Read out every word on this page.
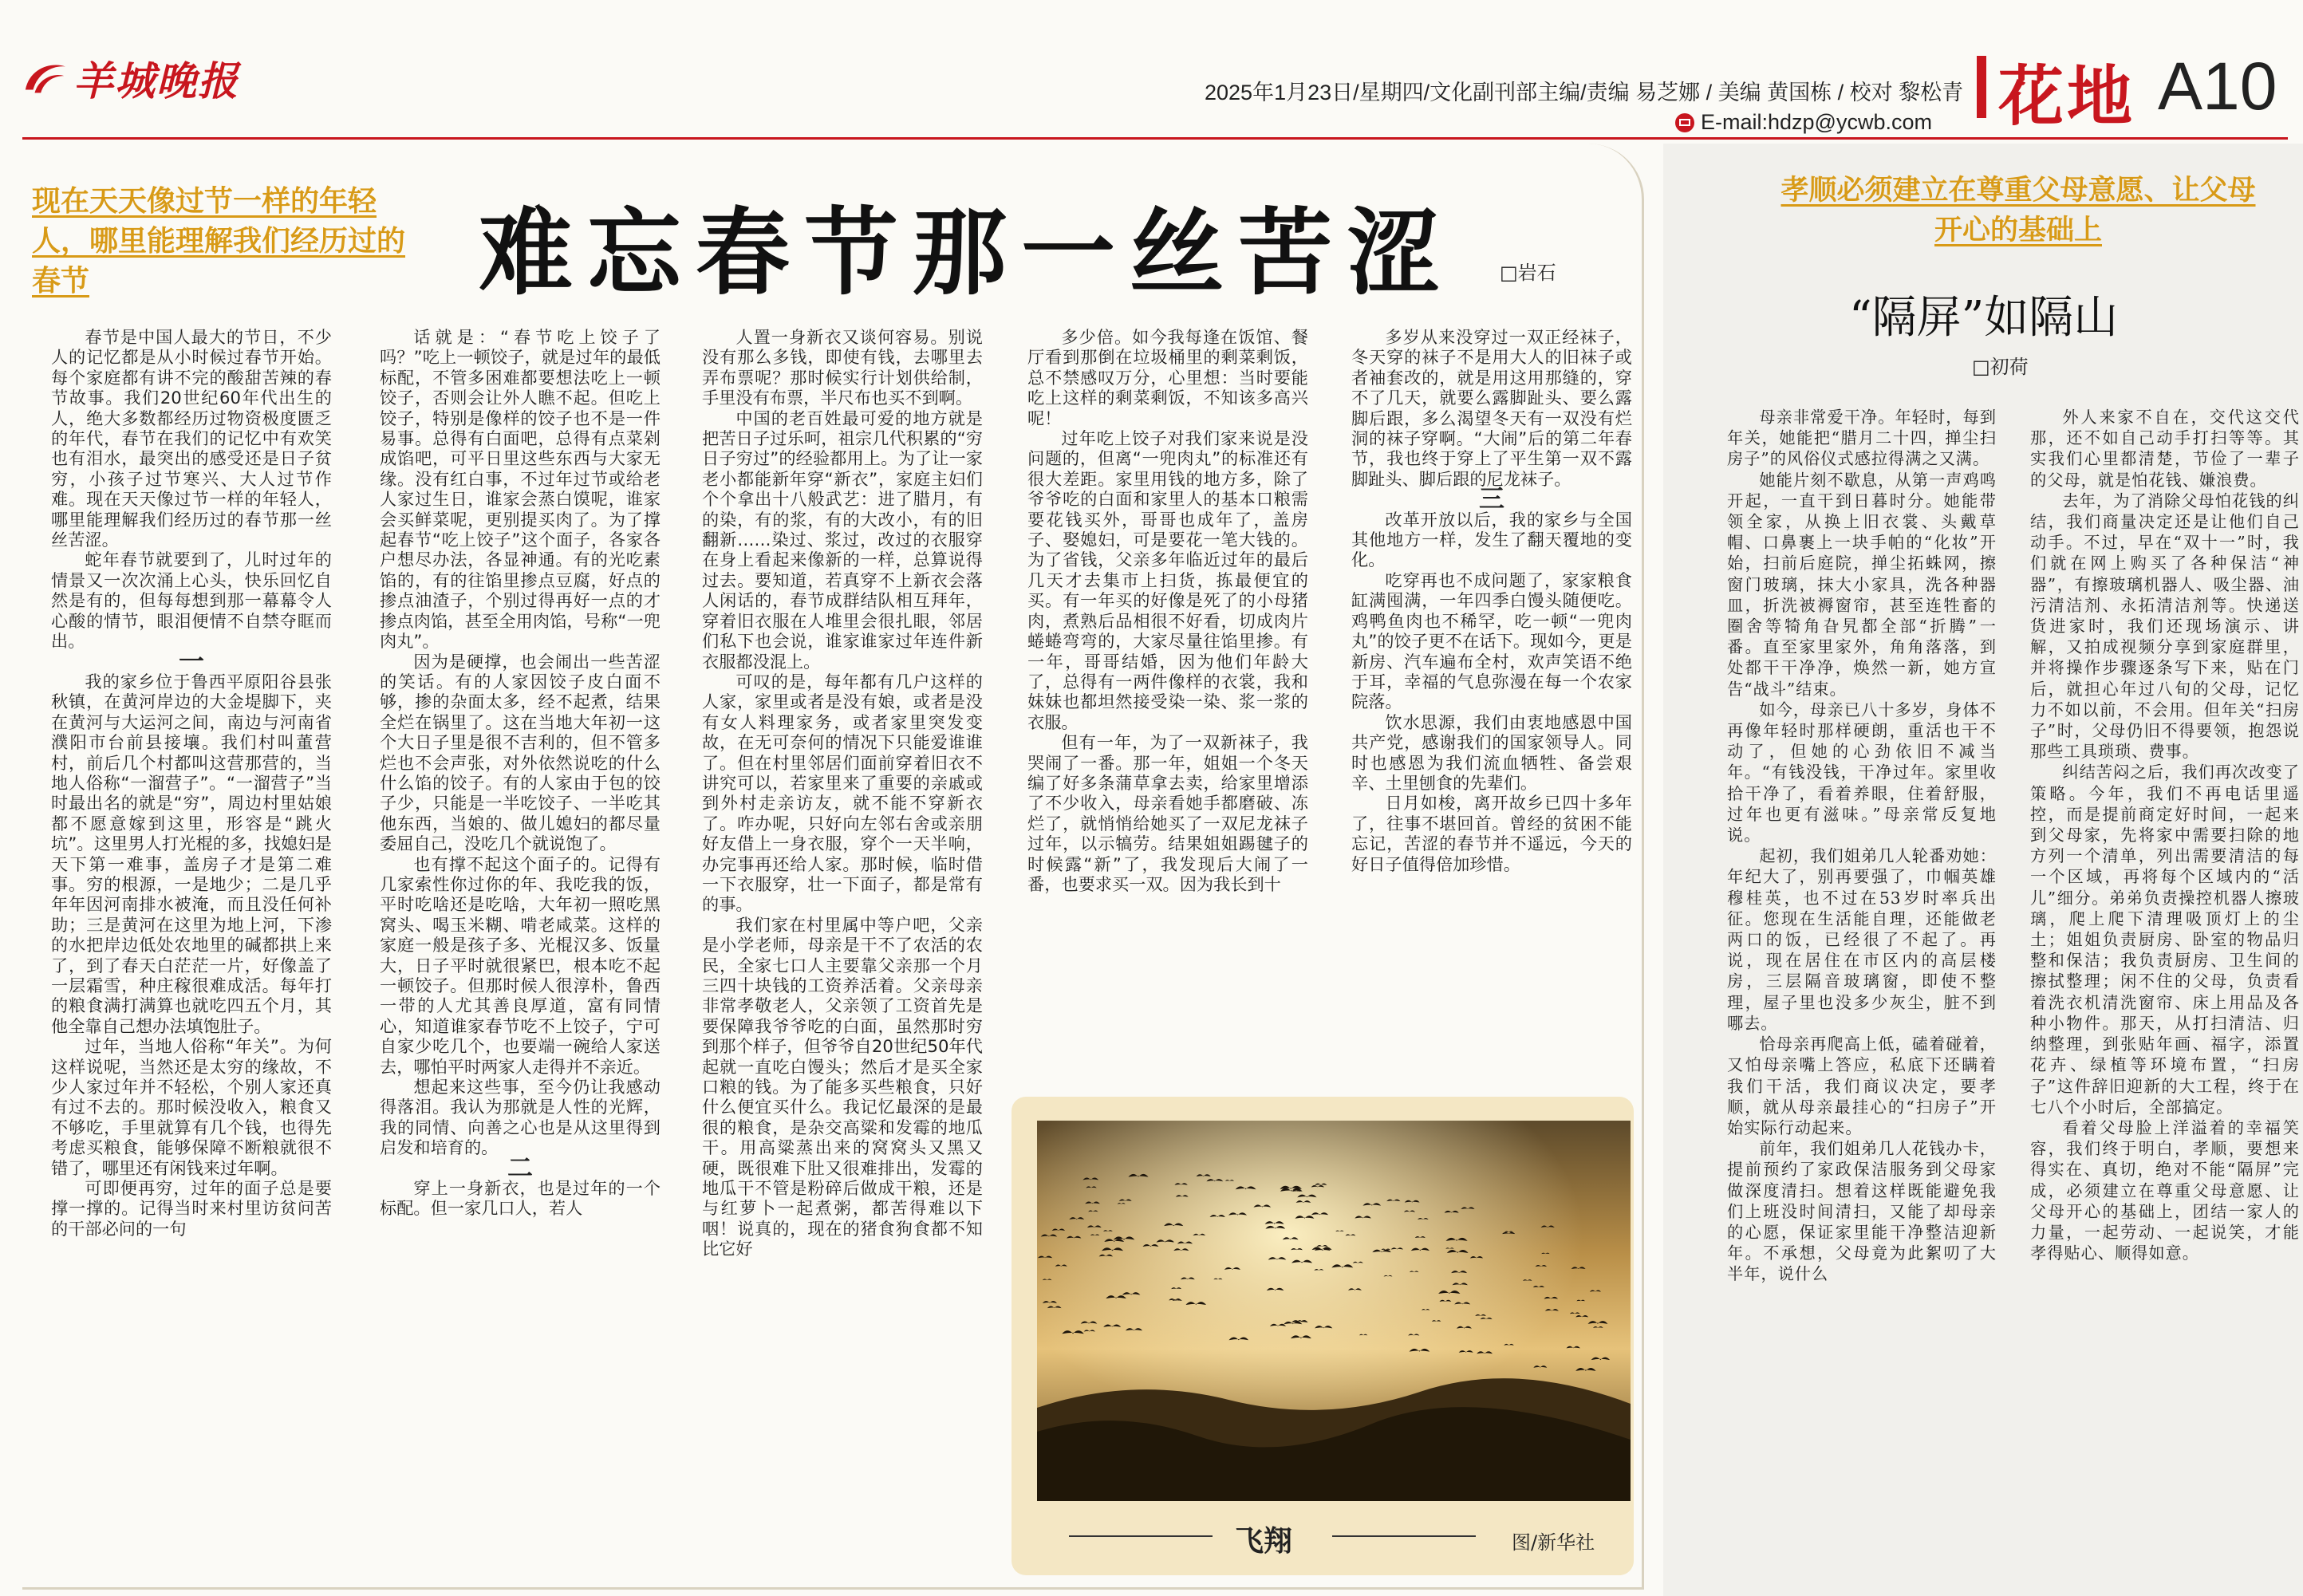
羊城晚报	2025年1月23日/星期四/文化副刊部主编/责编 易芝娜 / 美编 黄国栋 / 校对 黎松青
E-mail:hdzp@ycwb.com 花地 A10
现在天天像过节一样的年轻人，哪里能理解我们经历过的春节	难忘春节那一丝苦涩 □岩石

春节是中国人最大的节日，不少人的记忆都是从小时候过春节开始。每个家庭都有讲不完的酸甜苦辣的春节故事。我们20世纪60年代出生的人，绝大多数都经历过物资极度匮乏的年代，春节在我们的记忆中有欢笑也有泪水，最突出的感受还是日子贫穷，小孩子过节寒兴、大人过节作难。现在天天像过节一样的年轻人，哪里能理解我们经历过的春节那一丝丝苦涩。

蛇年春节就要到了，儿时过年的情景又一次次涌上心头，快乐回忆自然是有的，但每每想到那一幕幕令人心酸的情节，眼泪便情不自禁夺眶而出。

一

我的家乡位于鲁西平原阳谷县张秋镇，在黄河岸边的大金堤脚下，夹在黄河与大运河之间，南边与河南省濮阳市台前县接壤。我们村叫董营村，前后几个村都叫这营那营的，当地人俗称“一溜营子”。“一溜营子”当时最出名的就是“穷”，周边村里姑娘都不愿意嫁到这里，形容是“跳火坑”。这里男人打光棍的多，找媳妇是天下第一难事，盖房子才是第二难事。穷的根源，一是地少；二是几乎年年因河南排水被淹，而且没任何补助；三是黄河在这里为地上河，下渗的水把岸边低处农地里的碱都拱上来了，到了春天白茫茫一片，好像盖了一层霜雪，种庄稼很难成活。每年打的粮食满打满算也就吃四五个月，其他全靠自己想办法填饱肚子。

过年，当地人俗称“年关”。为何这样说呢，当然还是太穷的缘故，不少人家过年并不轻松，个别人家还真有过不去的。那时候没收入，粮食又不够吃，手里就算有几个钱，也得先考虑买粮食，能够保障不断粮就很不错了，哪里还有闲钱来过年啊。

可即便再穷，过年的面子总是要撑一撑的。记得当时来村里访贫问苦的干部必问的一句

话就是：“春节吃上饺子了吗？”吃上一顿饺子，就是过年的最低标配，不管多困难都要想法吃上一顿饺子，否则会让外人瞧不起。但吃上饺子，特别是像样的饺子也不是一件易事。总得有白面吧，总得有点菜剁成馅吧，可平日里这些东西与大家无缘。没有红白事，不过年过节或给老人家过生日，谁家会蒸白馍呢，谁家会买鲜菜呢，更别提买肉了。为了撑起春节“吃上饺子”这个面子，各家各户想尽办法，各显神通。有的光吃素馅的，有的往馅里掺点豆腐，好点的掺点油渣子，个别过得再好一点的才掺点肉馅，甚至全用肉馅，号称“一兜肉丸”。

因为是硬撑，也会闹出一些苦涩的笑话。有的人家因饺子皮白面不够，掺的杂面太多，经不起煮，结果全烂在锅里了。这在当地大年初一这个大日子里是很不吉利的，但不管多烂也不会声张，对外依然说吃的什么什么馅的饺子。有的人家由于包的饺子少，只能是一半吃饺子、一半吃其他东西，当娘的、做儿媳妇的都尽量委屈自己，没吃几个就说饱了。

也有撑不起这个面子的。记得有几家索性你过你的年、我吃我的饭，平时吃啥还是吃啥，大年初一照吃黑窝头、喝玉米糊、啃老咸菜。这样的家庭一般是孩子多、光棍汉多、饭量大，日子平时就很紧巴，根本吃不起一顿饺子。但那时候人很淳朴，鲁西一带的人尤其善良厚道，富有同情心，知道谁家春节吃不上饺子，宁可自家少吃几个，也要端一碗给人家送去，哪怕平时两家人走得并不亲近。

想起来这些事，至今仍让我感动得落泪。我认为那就是人性的光辉，我的同情、向善之心也是从这里得到启发和培育的。

二

穿上一身新衣，也是过年的一个标配。但一家几口人，若人

人置一身新衣又谈何容易。别说没有那么多钱，即使有钱，去哪里去弄布票呢？那时候实行计划供给制，手里没有布票，半尺布也买不到啊。

中国的老百姓最可爱的地方就是把苦日子过乐呵，祖宗几代积累的“穷日子穷过”的经验都用上。为了让一家老小都能新年穿“新衣”，家庭主妇们个个拿出十八般武艺：进了腊月，有的染，有的浆，有的大改小，有的旧翻新……染过、浆过，改过的衣服穿在身上看起来像新的一样，总算说得过去。要知道，若真穿不上新衣会落人闲话的，春节成群结队相互拜年，穿着旧衣服在人堆里会很扎眼，邻居们私下也会说，谁家谁家过年连件新衣服都没混上。

可叹的是，每年都有几户这样的人家，家里或者是没有娘，或者是没有女人料理家务，或者家里突发变故，在无可奈何的情况下只能爱谁谁了。但在村里邻居们面前穿着旧衣不讲究可以，若家里来了重要的亲戚或到外村走亲访友，就不能不穿新衣了。咋办呢，只好向左邻右舍或亲朋好友借上一身衣服，穿个一天半响，办完事再还给人家。那时候，临时借一下衣服穿，壮一下面子，都是常有的事。

我们家在村里属中等户吧，父亲是小学老师，母亲是干不了农活的农民，全家七口人主要靠父亲那一个月三四十块钱的工资养活着。父亲母亲非常孝敬老人，父亲领了工资首先是要保障我爷爷吃的白面，虽然那时穷到那个样子，但爷爷自20世纪50年代起就一直吃白馒头；然后才是买全家口粮的钱。为了能多买些粮食，只好什么便宜买什么。我记忆最深的是最很的粮食，是杂交高粱和发霉的地瓜干。用高粱蒸出来的窝窝头又黑又硬，既很难下肚又很难排出，发霉的地瓜干不管是粉碎后做成干粮，还是与红萝卜一起煮粥，都苦得难以下咽！说真的，现在的猪食狗食都不知比它好

多少倍。如今我每逢在饭馆、餐厅看到那倒在垃圾桶里的剩菜剩饭，总不禁感叹万分，心里想：当时要能吃上这样的剩菜剩饭，不知该多高兴呢！

过年吃上饺子对我们家来说是没问题的，但离“一兜肉丸”的标准还有很大差距。家里用钱的地方多，除了爷爷吃的白面和家里人的基本口粮需要花钱买外，哥哥也成年了，盖房子、娶媳妇，可是要花一笔大钱的。为了省钱，父亲多年临近过年的最后几天才去集市上扫货，拣最便宜的买。有一年买的好像是死了的小母猪肉，煮熟后品相很不好看，切成肉片蜷蜷弯弯的，大家尽量往馅里掺。有一年，哥哥结婚，因为他们年龄大了，总得有一两件像样的衣裳，我和妹妹也都坦然接受染一染、浆一浆的衣服。

但有一年，为了一双新袜子，我哭闹了一番。那一年，姐姐一个冬天编了好多条蒲草拿去卖，给家里增添了不少收入，母亲看她手都磨破、冻烂了，就悄悄给她买了一双尼龙袜子过年，以示犒劳。结果姐姐踢毽子的时候露“新”了，我发现后大闹了一番，也要求买一双。因为我长到十

多岁从来没穿过一双正经袜子，冬天穿的袜子不是用大人的旧袜子或者袖套改的，就是用这用那缝的，穿不了几天，就要么露脚趾头、要么露脚后跟，多么渴望冬天有一双没有烂洞的袜子穿啊。“大闹”后的第二年春节，我也终于穿上了平生第一双不露脚趾头、脚后跟的尼龙袜子。

三

改革开放以后，我的家乡与全国其他地方一样，发生了翻天覆地的变化。

吃穿再也不成问题了，家家粮食缸满囤满，一年四季白馒头随便吃。鸡鸭鱼肉也不稀罕，吃一顿“一兜肉丸”的饺子更不在话下。现如今，更是新房、汽车遍布全村，欢声笑语不绝于耳，幸福的气息弥漫在每一个农家院落。

饮水思源，我们由衷地感恩中国共产党，感谢我们的国家领导人。同时也感恩为我们流血牺牲、备尝艰辛、土里刨食的先辈们。

日月如梭，离开故乡已四十多年了，往事不堪回首。曾经的贫困不能忘记，苦涩的春节并不遥远，今天的好日子值得倍加珍惜。

飞翔	图/新华社
孝顺必须建立在尊重父母意愿、让父母开心的基础上
“隔屏”如隔山
□初荷

母亲非常爱干净。年轻时，每到年关，她能把“腊月二十四，掸尘扫房子”的风俗仪式感拉得满之又满。

她能片刻不歇息，从第一声鸡鸣开起，一直干到日暮时分。她能带领全家，从换上旧衣裳、头戴草帽、口鼻裹上一块手帕的“化妆”开始，扫前后庭院，掸尘拓蛛网，擦窗门玻璃，抹大小家具，洗各种器皿，折洗被褥窗帘，甚至连牲畜的圈舍等犄角旮旯都全部“折腾”一番。直至家里家外，角角落落，到处都干干净净，焕然一新，她方宣告“战斗”结束。

如今，母亲已八十多岁，身体不再像年轻时那样硬朗，重活也干不动了，但她的心劲依旧不减当年。“有钱没钱，干净过年。家里收拾干净了，看着养眼，住着舒服，过年也更有滋味。”母亲常反复地说。

起初，我们姐弟几人轮番劝她：年纪大了，别再要强了，巾帼英雄穆桂英，也不过在53岁时率兵出征。您现在生活能自理，还能做老两口的饭，已经很了不起了。再说，现在居住在市区内的高层楼房，三层隔音玻璃窗，即使不整理，屋子里也没多少灰尘，脏不到哪去。

恰母亲再爬高上低，磕着碰着，又怕母亲嘴上答应，私底下还瞒着我们干活，我们商议决定，要孝顺，就从母亲最挂心的“扫房子”开始实际行动起来。

前年，我们姐弟几人花钱办卡，提前预约了家政保洁服务到父母家做深度清扫。想着这样既能避免我们上班没时间清扫，又能了却母亲的心愿，保证家里能干净整洁迎新年。不承想，父母竟为此絮叨了大半年，说什么

外人来家不自在，交代这交代那，还不如自己动手打扫等等。其实我们心里都清楚，节俭了一辈子的父母，就是怕花钱、嫌浪费。

去年，为了消除父母怕花钱的纠结，我们商量决定还是让他们自己动手。不过，早在“双十一”时，我们就在网上购买了各种保洁“神器”，有擦玻璃机器人、吸尘器、油污清洁剂、永拓清洁剂等。快递送货进家时，我们还现场演示、讲解，又拍成视频分享到家庭群里，并将操作步骤逐条写下来，贴在门后，就担心年过八旬的父母，记忆力不如以前，不会用。但年关“扫房子”时，父母仍旧不得要领，抱怨说那些工具琐琐、费事。

纠结苦闷之后，我们再次改变了策略。今年，我们不再电话里遥控，而是提前商定好时间，一起来到父母家，先将家中需要扫除的地方列一个清单，列出需要清洁的每一个区域，再将每个区域内的“活儿”细分。弟弟负责操控机器人擦玻璃，爬上爬下清理吸顶灯上的尘土；姐姐负责厨房、卧室的物品归整和保洁；我负责厨房、卫生间的擦拭整理；闲不住的父母，负责看着洗衣机清洗窗帘、床上用品及各种小物件。那天，从打扫清洁、归纳整理，到张贴年画、福字，添置花卉、绿植等环境布置，“扫房子”这件辞旧迎新的大工程，终于在七八个小时后，全部搞定。

看着父母脸上洋溢着的幸福笑容，我们终于明白，孝顺，要想来得实在、真切，绝对不能“隔屏”完成，必须建立在尊重父母意愿、让父母开心的基础上，团结一家人的力量，一起劳动、一起说笑，才能孝得贴心、顺得如意。
